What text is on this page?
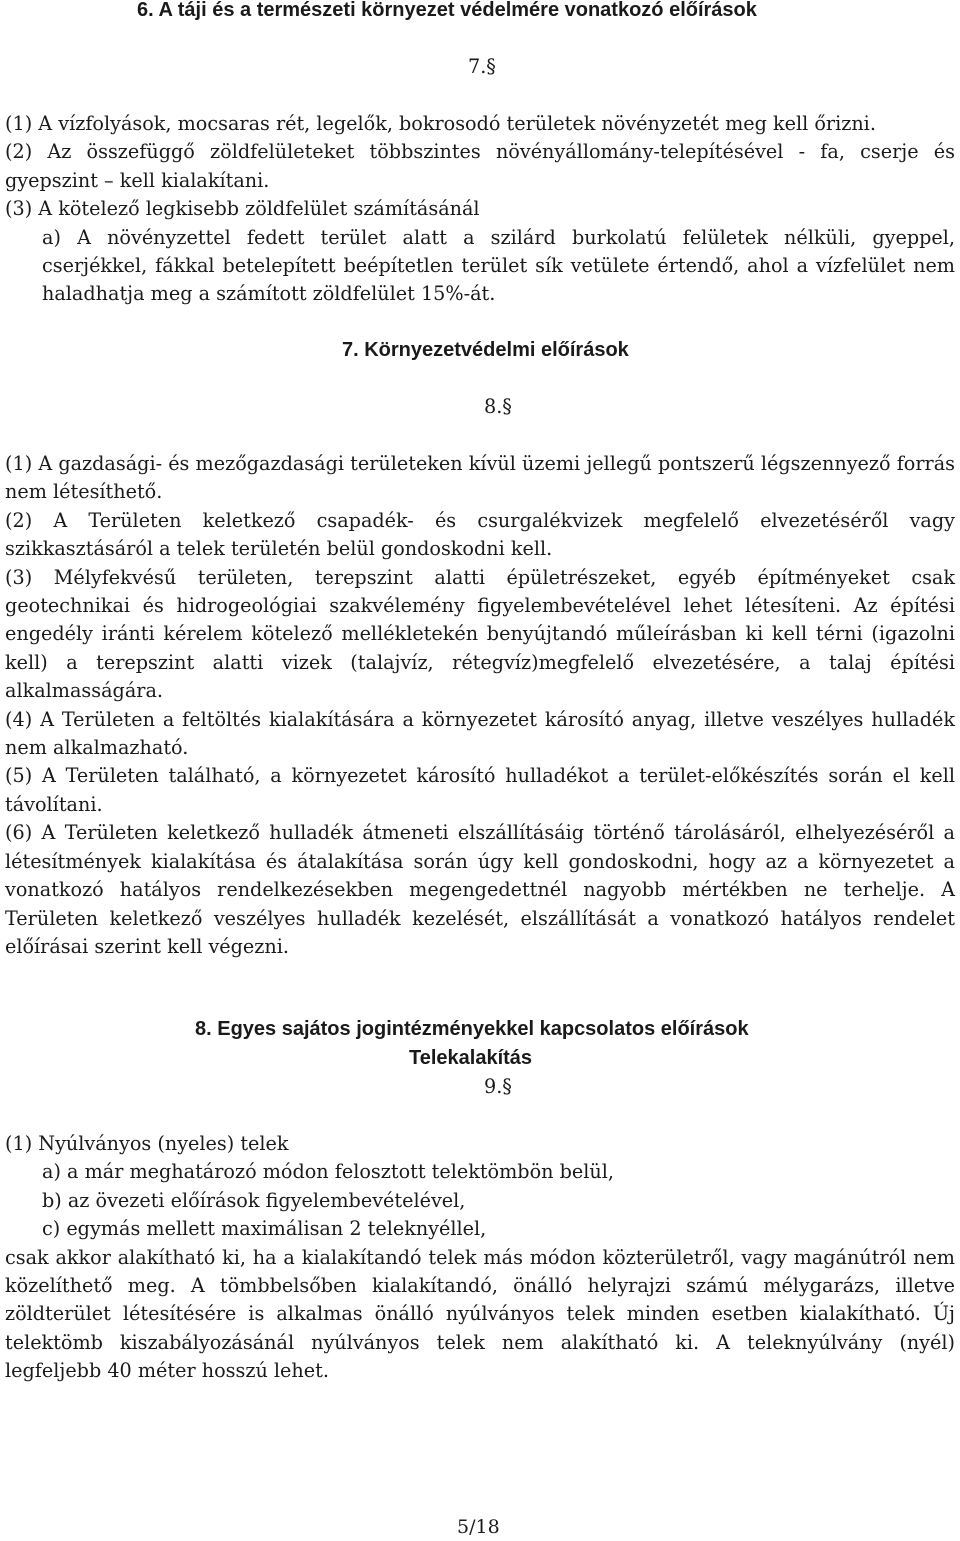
6. A táji és a természeti környezet védelmére vonatkozó előírások
7.§

(1) A vízfolyások, mocsaras rét, legelők, bokrosodó területek növényzetét meg kell őrizni.

(2) Az összefüggő zöldfelületeket többszintes növényállomány-telepítésével - fa, cserje és gyepszint – kell kialakítani.

(3) A kötelező legkisebb zöldfelület számításánál

a) A növényzettel fedett terület alatt a szilárd burkolatú felületek nélküli, gyeppel, cserjékkel, fákkal betelepített beépítetlen terület sík vetülete értendő, ahol a vízfelület nem haladhatja meg a számított zöldfelület 15%-át.

7. Környezetvédelmi előírások
8.§

(1) A gazdasági- és mezőgazdasági területeken kívül üzemi jellegű pontszerű légszennyező forrás nem létesíthető.

(2) A Területen keletkező csapadék- és csurgalékvizek megfelelő elvezetéséről vagy szikkasztásáról a telek területén belül gondoskodni kell.

(3) Mélyfekvésű területen, terepszint alatti épületrészeket, egyéb építményeket csak geotechnikai és hidrogeológiai szakvélemény figyelembevételével lehet létesíteni. Az építési engedély iránti kérelem kötelező mellékletekén benyújtandó műleírásban ki kell térni (igazolni kell) a terepszint alatti vizek (talajvíz, rétegvíz)megfelelő elvezetésére, a talaj építési alkalmasságára.

(4) A Területen a feltöltés kialakítására a környezetet károsító anyag, illetve veszélyes hulladék nem alkalmazható.

(5) A Területen található, a környezetet károsító hulladékot a terület-előkészítés során el kell távolítani.

(6) A Területen keletkező hulladék átmeneti elszállításáig történő tárolásáról, elhelyezéséről a létesítmények kialakítása és átalakítása során úgy kell gondoskodni, hogy az a környezetet a vonatkozó hatályos rendelkezésekben megengedettnél nagyobb mértékben ne terhelje. A Területen keletkező veszélyes hulladék kezelését, elszállítását a vonatkozó hatályos rendelet előírásai szerint kell végezni.

8. Egyes sajátos jogintézményekkel kapcsolatos előírások
Telekalakítás
9.§

(1) Nyúlványos (nyeles) telek

a) a már meghatározó módon felosztott telektömbön belül,

b) az övezeti előírások figyelembevételével,

c) egymás mellett maximálisan 2 teleknyéllel,

csak akkor alakítható ki, ha a kialakítandó telek más módon közterületről, vagy magánútról nem közelíthető meg. A tömbbelsőben kialakítandó, önálló helyrajzi számú mélygarázs, illetve zöldterület létesítésére is alkalmas önálló nyúlványos telek minden esetben kialakítható. Új telektömb kiszabályozásánál nyúlványos telek nem alakítható ki. A teleknyúlvány (nyél) legfeljebb 40 méter hosszú lehet.

5/18
